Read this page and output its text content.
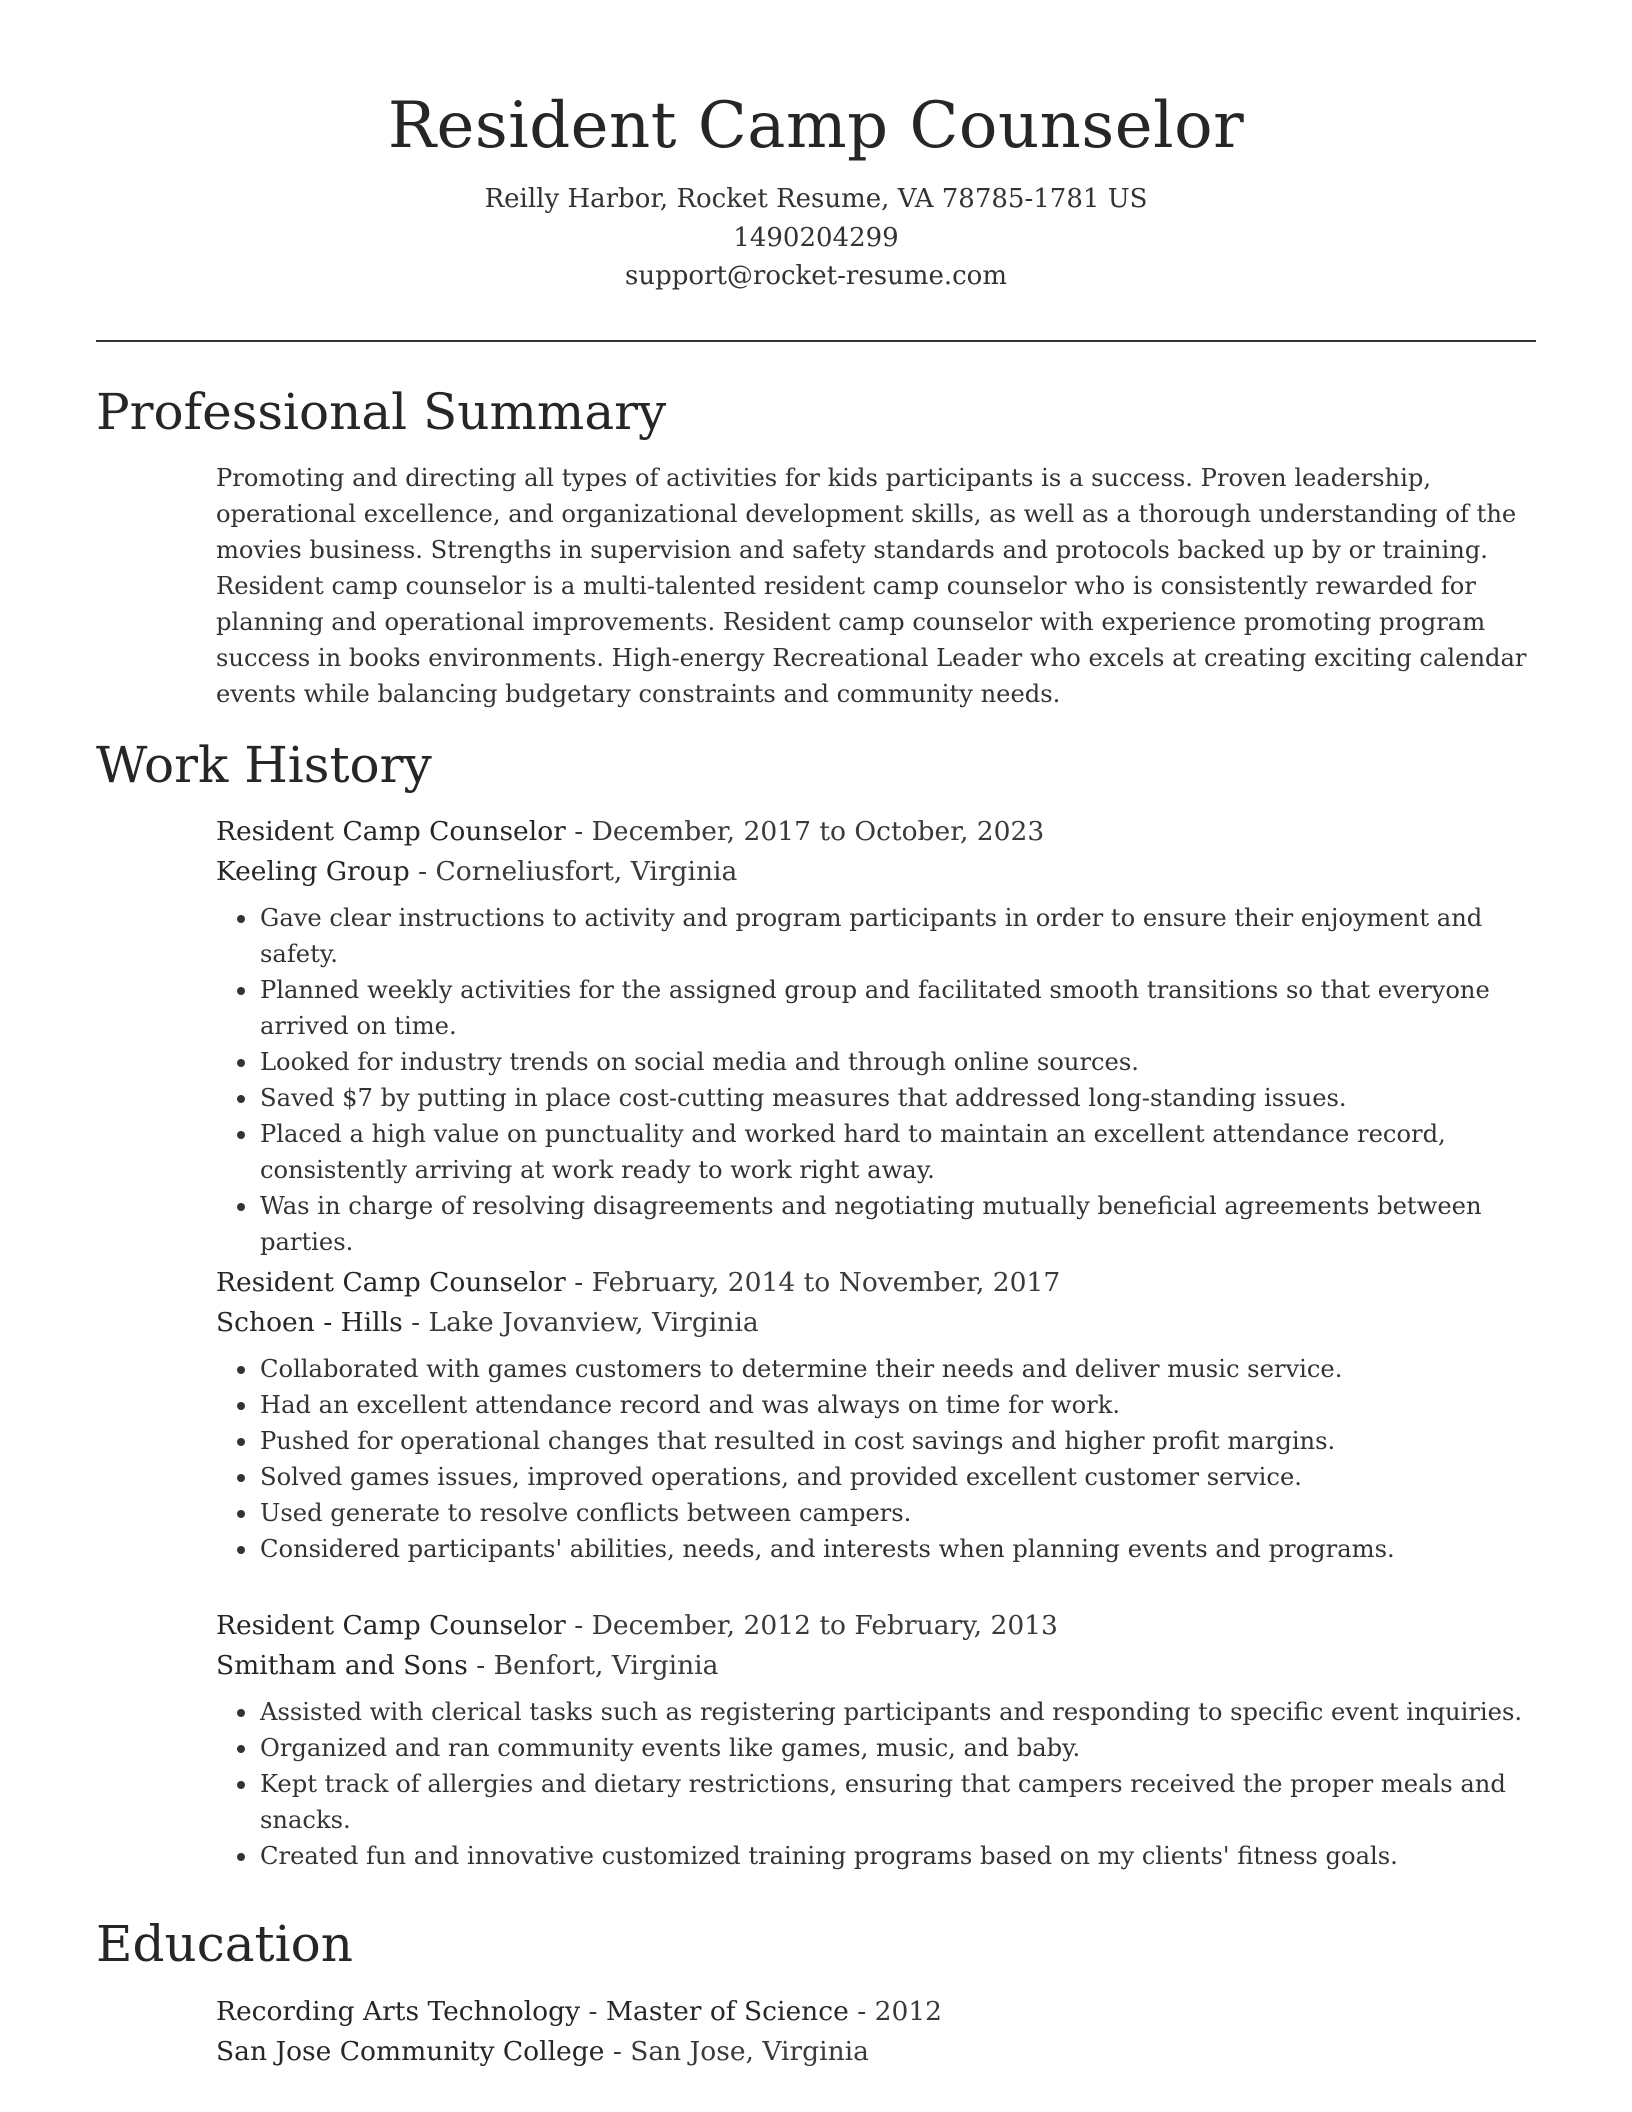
Resident Camp Counselor
Reilly Harbor, Rocket Resume, VA 78785-1781 US
1490204299
support@rocket-resume.com
Professional Summary

Promoting and directing all types of activities for kids participants is a success. Proven leadership, operational excellence, and organizational development skills, as well as a thorough understanding of the movies business. Strengths in supervision and safety standards and protocols backed up by or training. Resident camp counselor is a multi-talented resident camp counselor who is consistently rewarded for planning and operational improvements. Resident camp counselor with experience promoting program success in books environments. High-energy Recreational Leader who excels at creating exciting calendar events while balancing budgetary constraints and community needs.

Work History
Resident Camp Counselor - December, 2017 to October, 2023
Keeling Group - Corneliusfort, Virginia
Gave clear instructions to activity and program participants in order to ensure their enjoyment and safety.
Planned weekly activities for the assigned group and facilitated smooth transitions so that everyone arrived on time.
Looked for industry trends on social media and through online sources.
Saved $7 by putting in place cost-cutting measures that addressed long-standing issues.
Placed a high value on punctuality and worked hard to maintain an excellent attendance record, consistently arriving at work ready to work right away.
Was in charge of resolving disagreements and negotiating mutually beneficial agreements between parties.
Resident Camp Counselor - February, 2014 to November, 2017
Schoen - Hills - Lake Jovanview, Virginia
Collaborated with games customers to determine their needs and deliver music service.
Had an excellent attendance record and was always on time for work.
Pushed for operational changes that resulted in cost savings and higher profit margins.
Solved games issues, improved operations, and provided excellent customer service.
Used generate to resolve conflicts between campers.
Considered participants' abilities, needs, and interests when planning events and programs.
Resident Camp Counselor - December, 2012 to February, 2013
Smitham and Sons - Benfort, Virginia
Assisted with clerical tasks such as registering participants and responding to specific event inquiries.
Organized and ran community events like games, music, and baby.
Kept track of allergies and dietary restrictions, ensuring that campers received the proper meals and snacks.
Created fun and innovative customized training programs based on my clients' fitness goals.
Education
Recording Arts Technology - Master of Science - 2012
San Jose Community College - San Jose, Virginia
